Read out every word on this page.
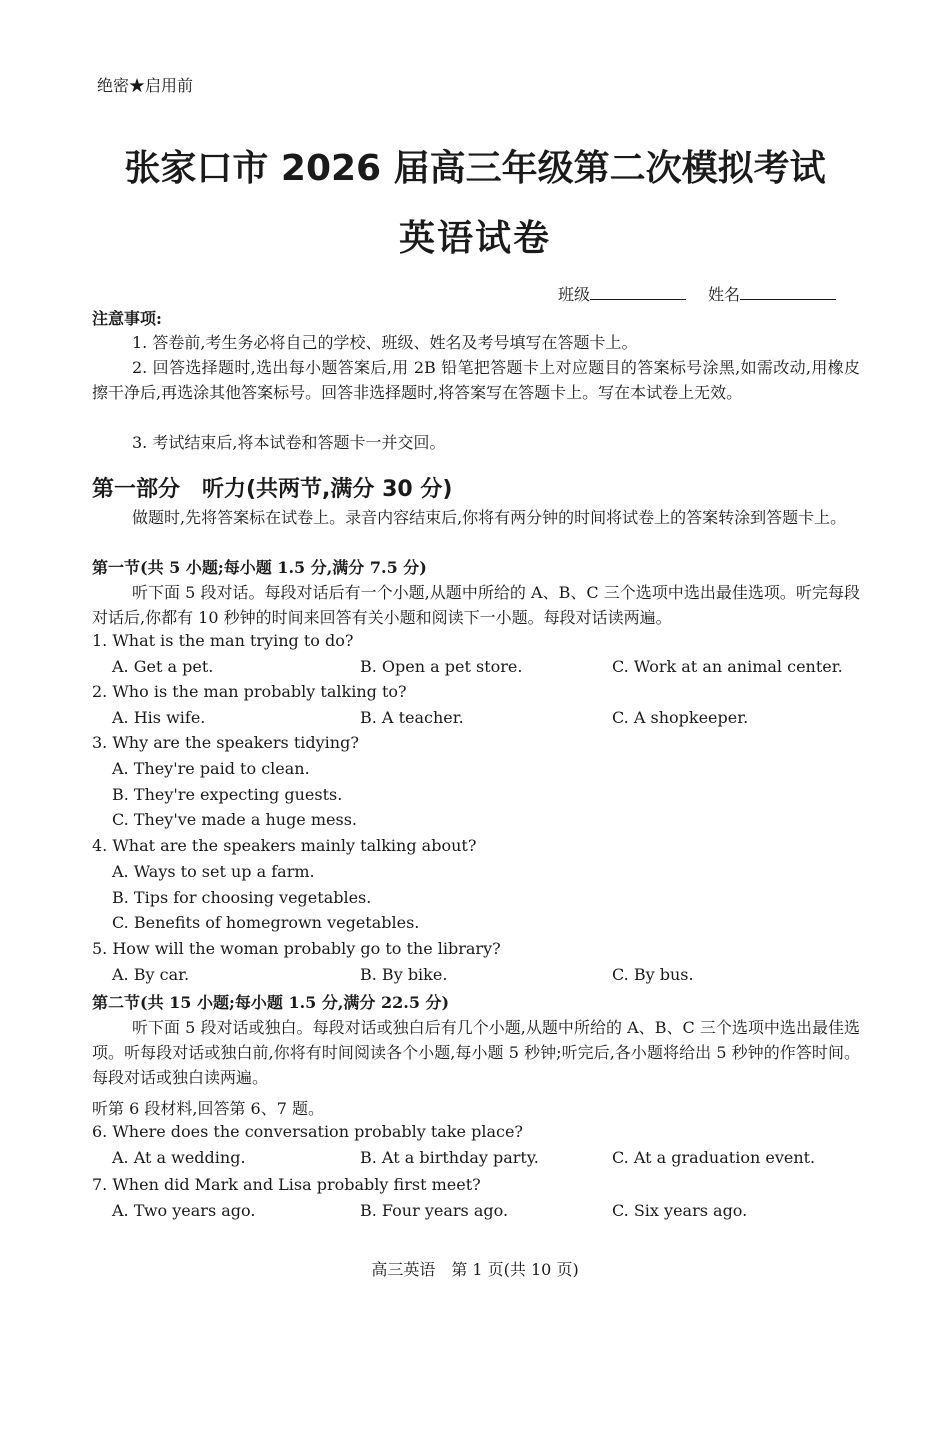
绝密★启用前
张家口市 2026 届高三年级第二次模拟考试
英语试卷
班级	姓名
注意事项:
1. 答卷前,考生务必将自己的学校、班级、姓名及考号填写在答题卡上。
2. 回答选择题时,选出每小题答案后,用 2B 铅笔把答题卡上对应题目的答案标号涂黑,如需改动,用橡皮擦干净后,再选涂其他答案标号。回答非选择题时,将答案写在答题卡上。写在本试卷上无效。
3. 考试结束后,将本试卷和答题卡一并交回。
第一部分　听力(共两节,满分 30 分)
做题时,先将答案标在试卷上。录音内容结束后,你将有两分钟的时间将试卷上的答案转涂到答题卡上。
第一节(共 5 小题;每小题 1.5 分,满分 7.5 分)
听下面 5 段对话。每段对话后有一个小题,从题中所给的 A、B、C 三个选项中选出最佳选项。听完每段对话后,你都有 10 秒钟的时间来回答有关小题和阅读下一小题。每段对话读两遍。
1. What is the man trying to do?
A. Get a pet.	B. Open a pet store.	C. Work at an animal center.
2. Who is the man probably talking to?
A. His wife.	B. A teacher.	C. A shopkeeper.
3. Why are the speakers tidying?
A. They're paid to clean.
B. They're expecting guests.
C. They've made a huge mess.
4. What are the speakers mainly talking about?
A. Ways to set up a farm.
B. Tips for choosing vegetables.
C. Benefits of homegrown vegetables.
5. How will the woman probably go to the library?
A. By car.	B. By bike.	C. By bus.
第二节(共 15 小题;每小题 1.5 分,满分 22.5 分)
听下面 5 段对话或独白。每段对话或独白后有几个小题,从题中所给的 A、B、C 三个选项中选出最佳选项。听每段对话或独白前,你将有时间阅读各个小题,每小题 5 秒钟;听完后,各小题将给出 5 秒钟的作答时间。每段对话或独白读两遍。
听第 6 段材料,回答第 6、7 题。
6. Where does the conversation probably take place?
A. At a wedding.	B. At a birthday party.	C. At a graduation event.
7. When did Mark and Lisa probably first meet?
A. Two years ago.	B. Four years ago.	C. Six years ago.
高三英语　第 1 页(共 10 页)
